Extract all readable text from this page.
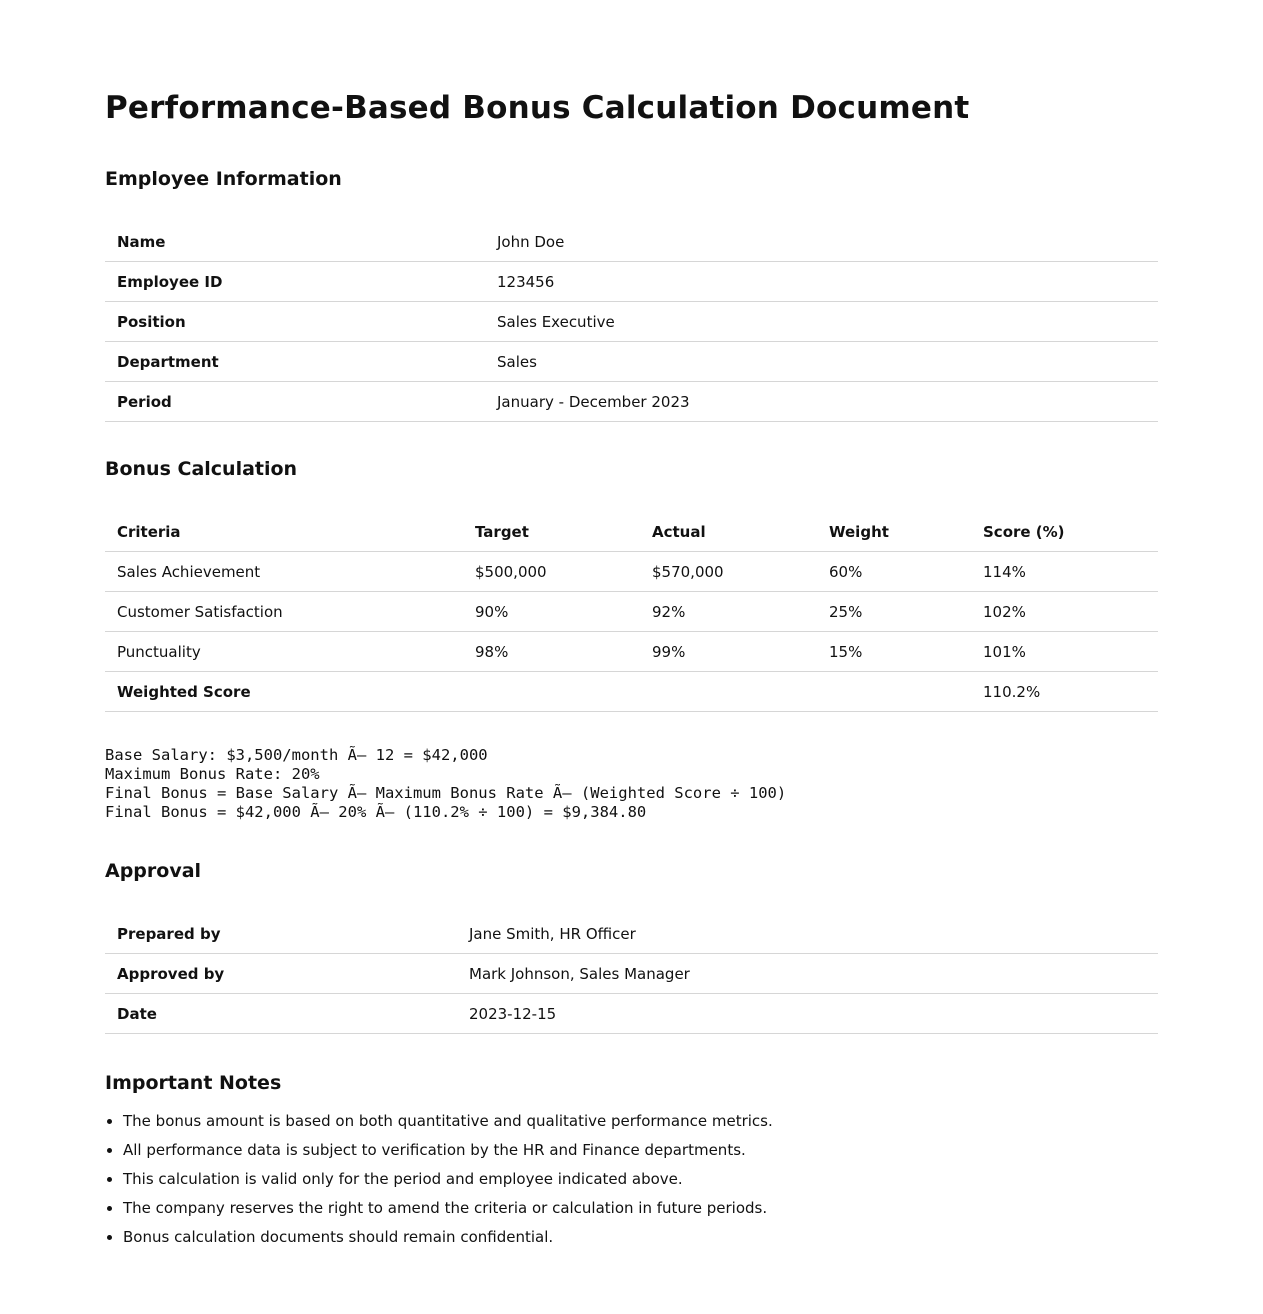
Performance-Based Bonus Calculation Document
Employee Information
Name	John Doe
Employee ID	123456
Position	Sales Executive
Department	Sales
Period	January - December 2023
Bonus Calculation
Criteria	Target	Actual	Weight	Score (%)
Sales Achievement	$500,000	$570,000	60%	114%
Customer Satisfaction	90%	92%	25%	102%
Punctuality	98%	99%	15%	101%
Weighted Score				110.2%
Base Salary: $3,500/month Ã— 12 = $42,000
Maximum Bonus Rate: 20%
Final Bonus = Base Salary Ã— Maximum Bonus Rate Ã— (Weighted Score ÷ 100)
Final Bonus = $42,000 Ã— 20% Ã— (110.2% ÷ 100) = $9,384.80
Approval
Prepared by	Jane Smith, HR Officer
Approved by	Mark Johnson, Sales Manager
Date	2023-12-15
Important Notes
• The bonus amount is based on both quantitative and qualitative performance metrics.
• All performance data is subject to verification by the HR and Finance departments.
• This calculation is valid only for the period and employee indicated above.
• The company reserves the right to amend the criteria or calculation in future periods.
• Bonus calculation documents should remain confidential.
